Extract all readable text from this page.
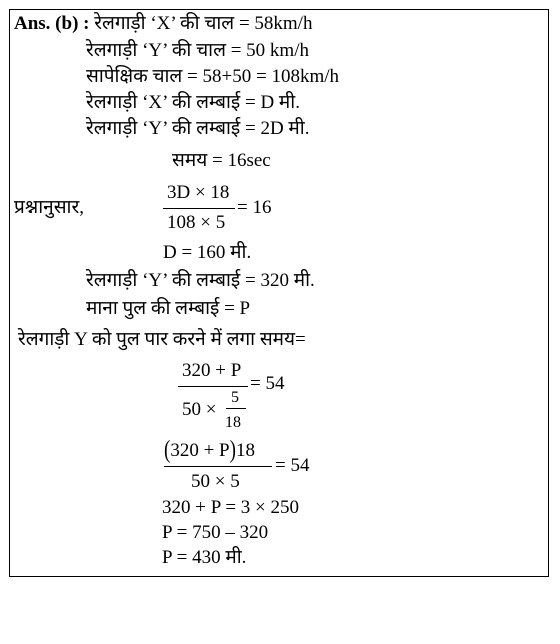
Ans. (b) : रेलगाड़ी ‘X’ की चाल = 58km/h
रेलगाड़ी ‘Y’ की चाल = 50 km/h
सापेक्षिक चाल = 58+50 = 108km/h
रेलगाड़ी ‘X’ की लम्बाई = D मी.
रेलगाड़ी ‘Y’ की लम्बाई = 2D मी.
समय = 16sec
प्रश्नानुसार,
3D × 18
108 × 5
= 16
D = 160 मी.
रेलगाड़ी ‘Y’ की लम्बाई = 320 मी.
माना पुल की लम्बाई = P
रेलगाड़ी Y को पुल पार करने में लगा समय=
320 + P
50 ×
5
18
= 54
(320 + P)18
50 × 5
= 54
320 + P = 3 × 250
P = 750 – 320
P = 430 मी.
